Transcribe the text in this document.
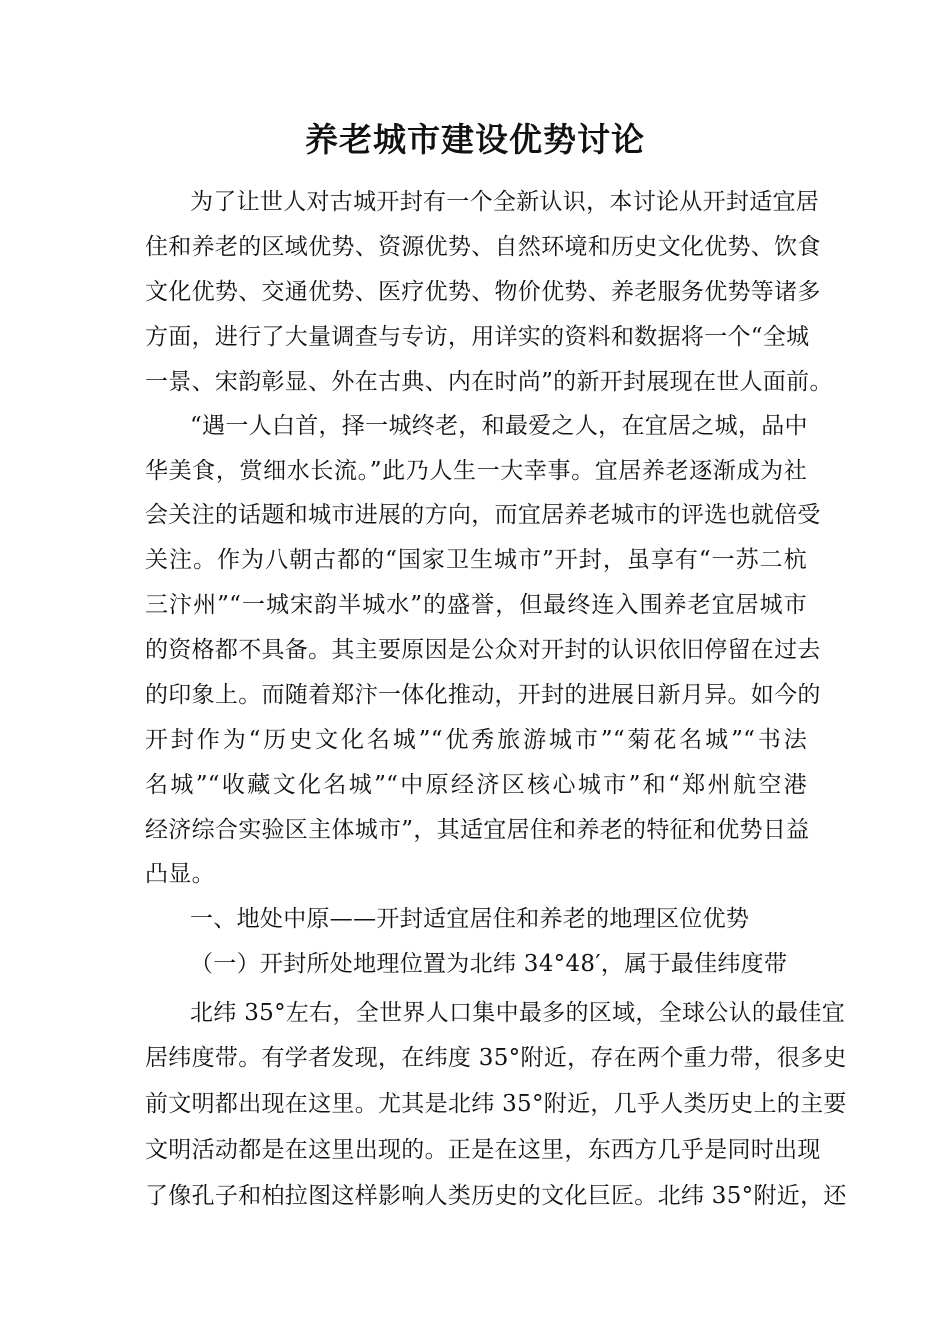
养老城市建设优势讨论
为了让世人对古城开封有一个全新认识，本讨论从开封适宜居
住和养老的区域优势、资源优势、自然环境和历史文化优势、饮食
文化优势、交通优势、医疗优势、物价优势、养老服务优势等诸多
方面，进行了大量调查与专访，用详实的资料和数据将一个“全城
一景、宋韵彰显、外在古典、内在时尚”的新开封展现在世人面前。
“遇一人白首，择一城终老，和最爱之人，在宜居之城，品中
华美食，赏细水长流。”此乃人生一大幸事。宜居养老逐渐成为社
会关注的话题和城市进展的方向，而宜居养老城市的评选也就倍受
关注。作为八朝古都的“国家卫生城市”开封，虽享有“一苏二杭
三汴州”“一城宋韵半城水”的盛誉，但最终连入围养老宜居城市
的资格都不具备。其主要原因是公众对开封的认识依旧停留在过去
的印象上。而随着郑汴一体化推动，开封的进展日新月异。如今的
开封作为“历史文化名城”“优秀旅游城市”“菊花名城”“书法
名城”“收藏文化名城”“中原经济区核心城市”和“郑州航空港
经济综合实验区主体城市”，其适宜居住和养老的特征和优势日益
凸显。
一、地处中原——开封适宜居住和养老的地理区位优势
（一）开封所处地理位置为北纬 34°48′，属于最佳纬度带
北纬 35°左右，全世界人口集中最多的区域，全球公认的最佳宜
居纬度带。有学者发现，在纬度 35°附近，存在两个重力带，很多史
前文明都出现在这里。尤其是北纬 35°附近，几乎人类历史上的主要
文明活动都是在这里出现的。正是在这里，东西方几乎是同时出现
了像孔子和柏拉图这样影响人类历史的文化巨匠。北纬 35°附近，还
